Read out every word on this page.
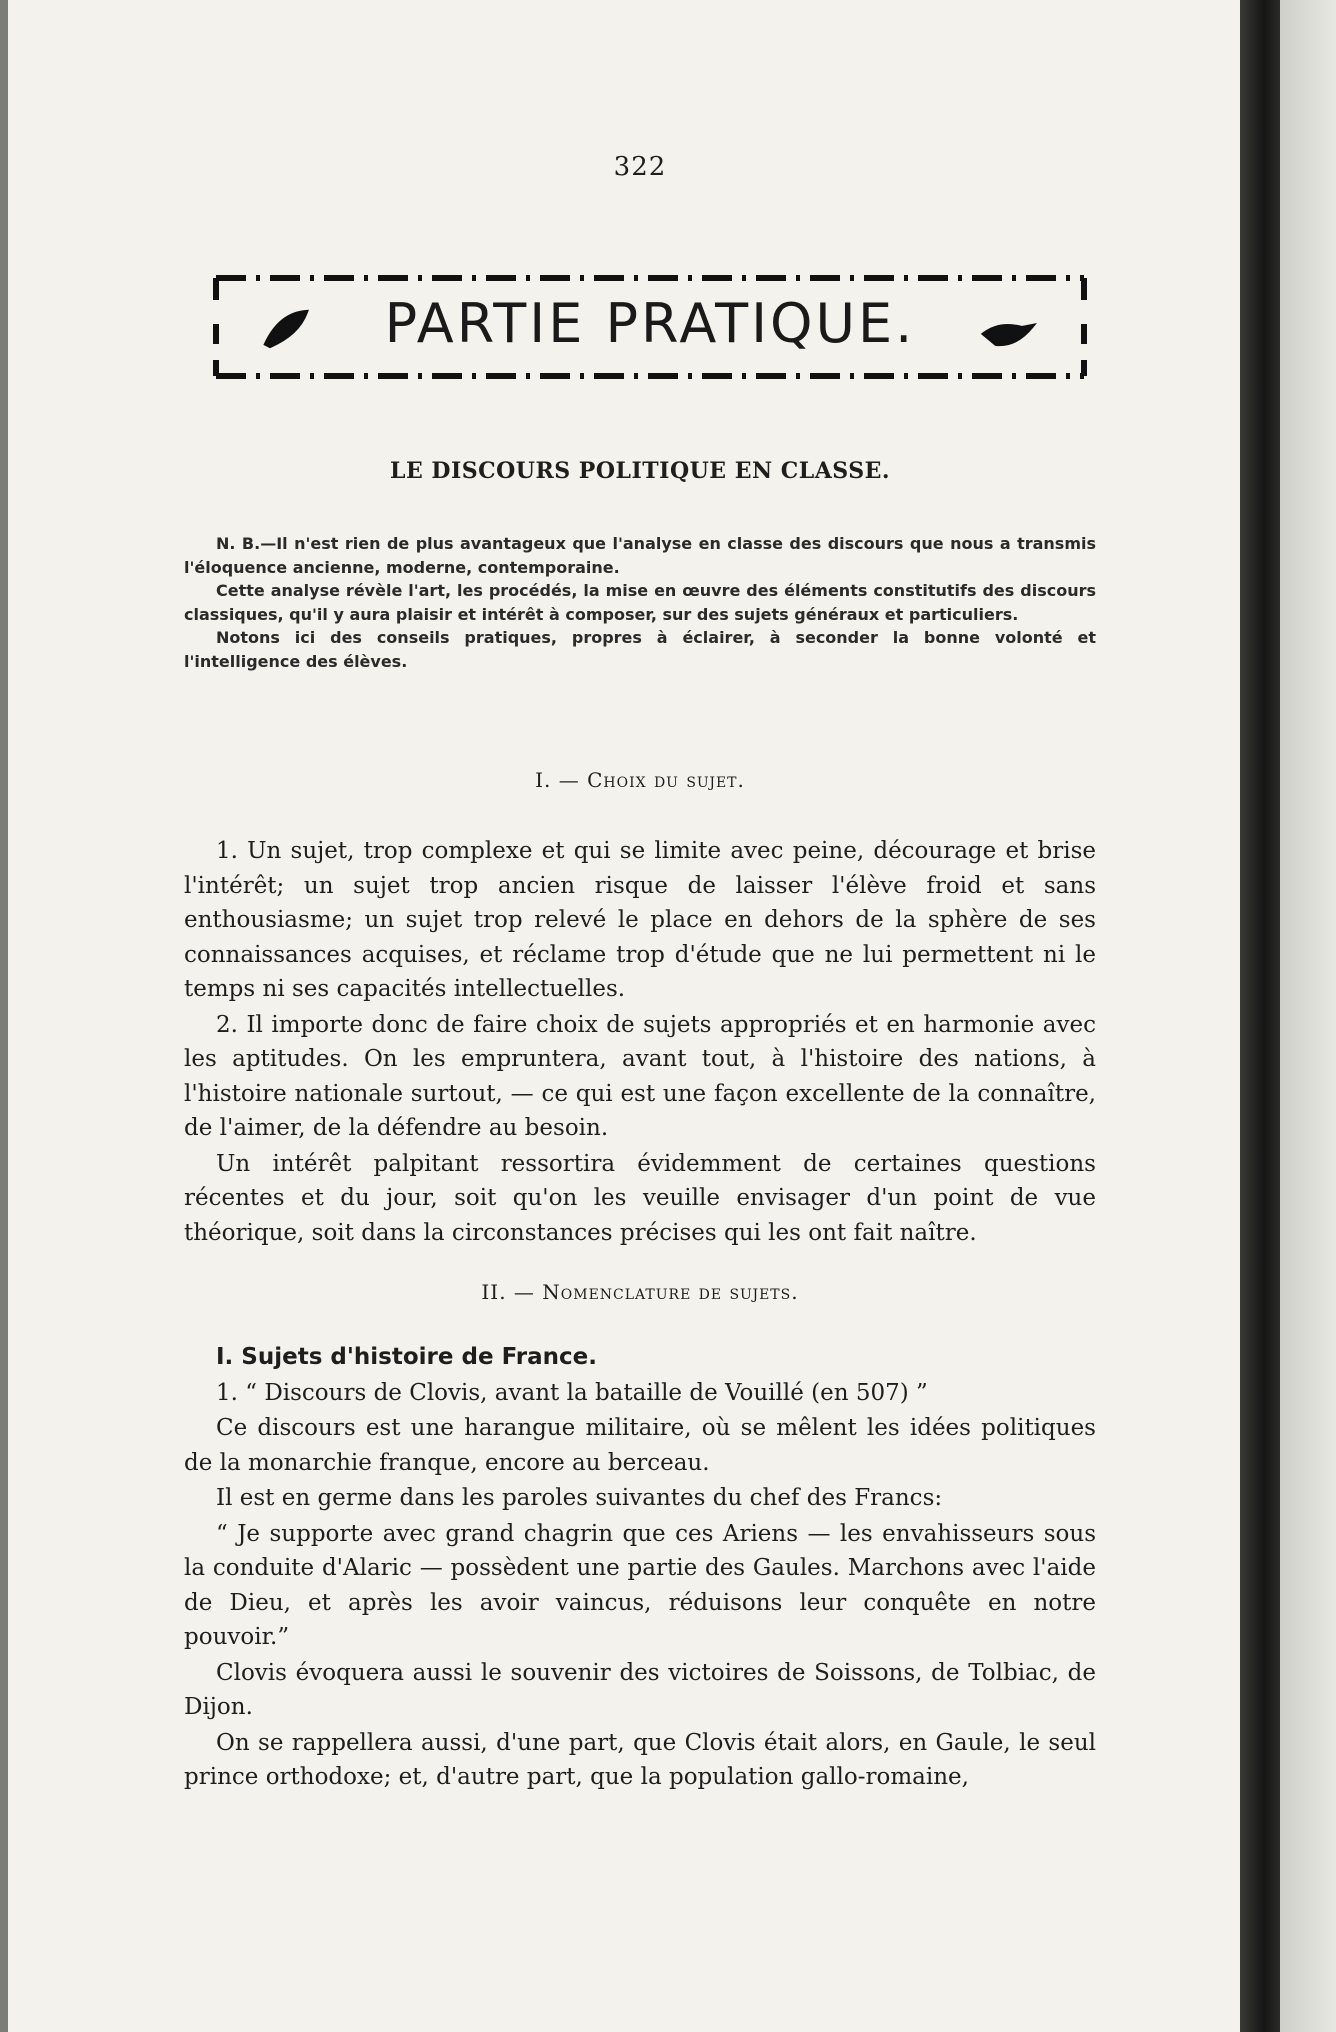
322
PARTIE PRATIQUE.
LE DISCOURS POLITIQUE EN CLASSE.

N. B.—Il n'est rien de plus avantageux que l'analyse en classe des discours que nous a transmis l'éloquence ancienne, moderne, contemporaine.

Cette analyse révèle l'art, les procédés, la mise en œuvre des éléments constitutifs des discours classiques, qu'il y aura plaisir et intérêt à composer, sur des sujets généraux et particuliers.

Notons ici des conseils pratiques, propres à éclairer, à seconder la bonne volonté et l'intelligence des élèves.

I. — Choix du sujet.

1. Un sujet, trop complexe et qui se limite avec peine, décourage et brise l'intérêt; un sujet trop ancien risque de laisser l'élève froid et sans enthousiasme; un sujet trop relevé le place en dehors de la sphère de ses connaissances acquises, et réclame trop d'étude que ne lui permettent ni le temps ni ses capacités intellectuelles.

2. Il importe donc de faire choix de sujets appropriés et en harmonie avec les aptitudes. On les empruntera, avant tout, à l'histoire des nations, à l'histoire nationale surtout, — ce qui est une façon excellente de la connaître, de l'aimer, de la défendre au besoin.

Un intérêt palpitant ressortira évidemment de certaines questions récentes et du jour, soit qu'on les veuille envisager d'un point de vue théorique, soit dans la circonstances précises qui les ont fait naître.

II. — Nomenclature de sujets.

I. Sujets d'histoire de France.

1. “ Discours de Clovis, avant la bataille de Vouillé (en 507) ”

Ce discours est une harangue militaire, où se mêlent les idées politiques de la monarchie franque, encore au berceau.

Il est en germe dans les paroles suivantes du chef des Francs:

“ Je supporte avec grand chagrin que ces Ariens — les envahisseurs sous la conduite d'Alaric — possèdent une partie des Gaules. Marchons avec l'aide de Dieu, et après les avoir vaincus, réduisons leur conquête en notre pouvoir.”

Clovis évoquera aussi le souvenir des victoires de Soissons, de Tolbiac, de Dijon.

On se rappellera aussi, d'une part, que Clovis était alors, en Gaule, le seul prince orthodoxe; et, d'autre part, que la population gallo-romaine,
